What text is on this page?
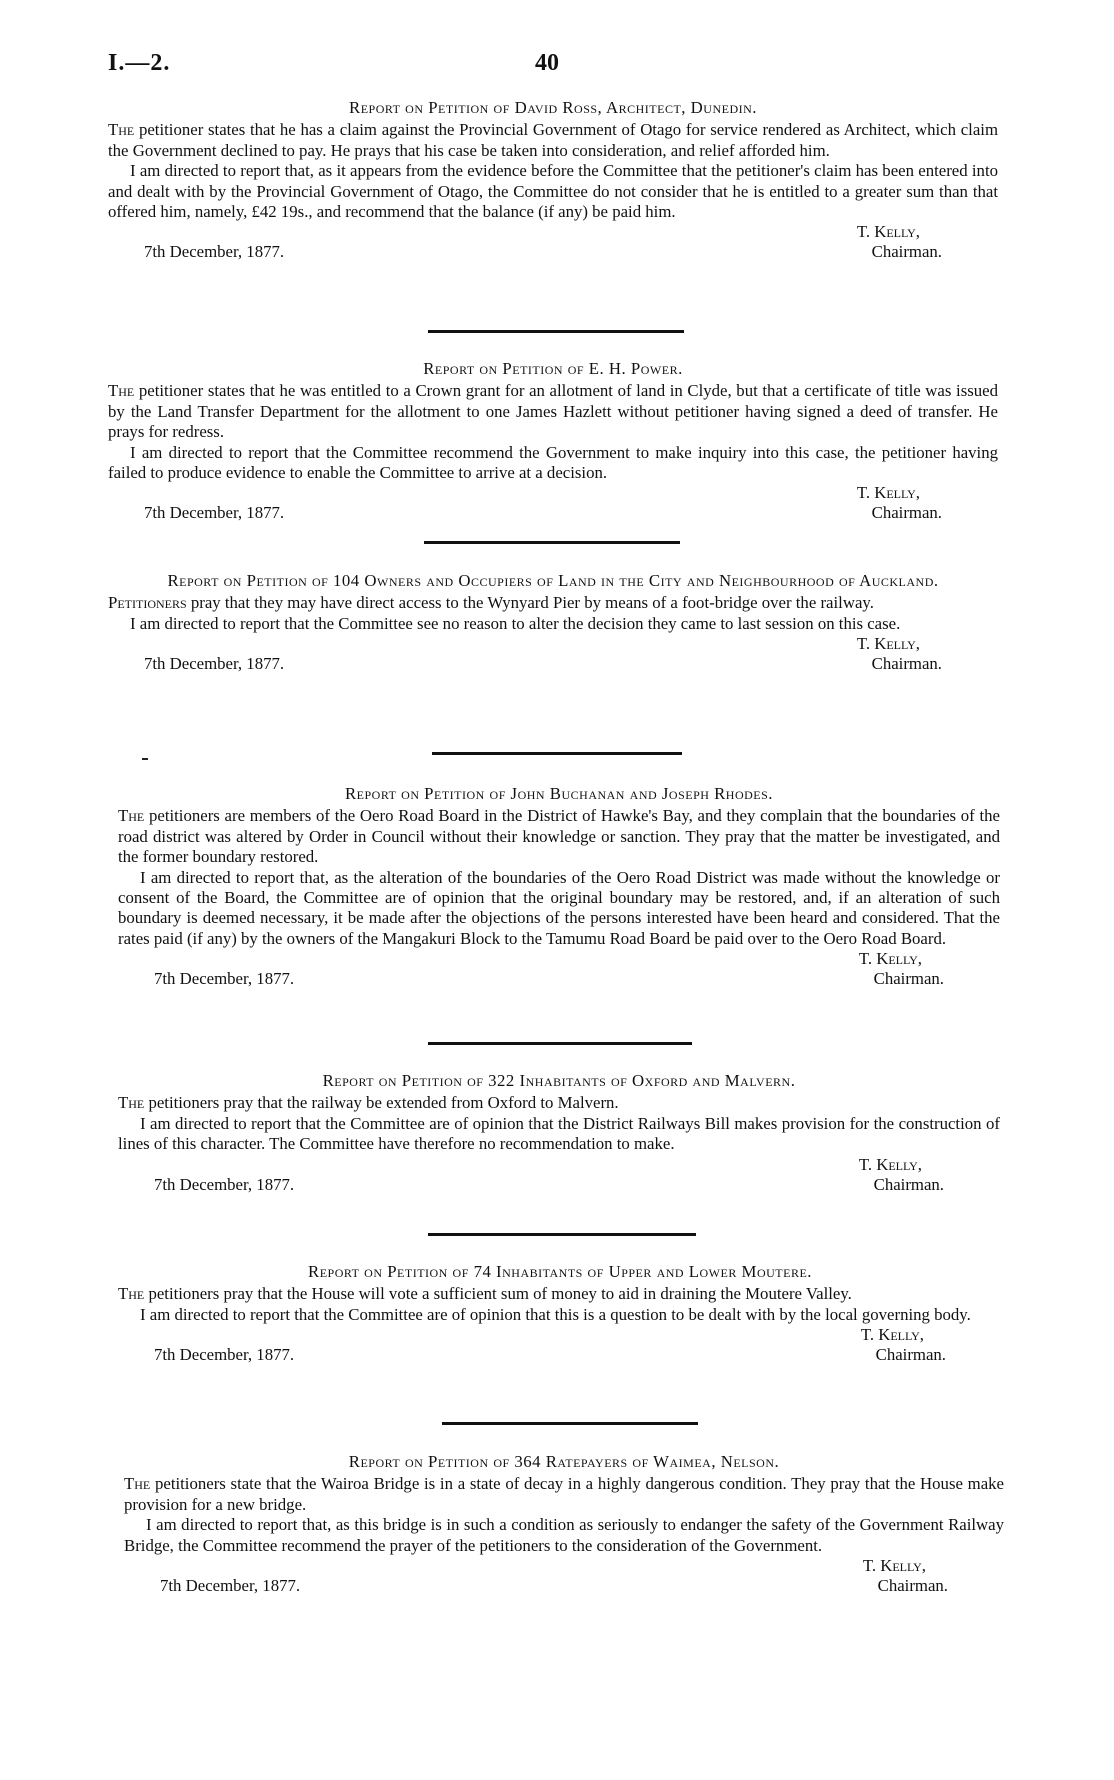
I.—2.	40
Report on Petition of David Ross, Architect, Dunedin.

The petitioner states that he has a claim against the Provincial Government of Otago for service rendered as Architect, which claim the Government declined to pay. He prays that his case be taken into consideration, and relief afforded him.

I am directed to report that, as it appears from the evidence before the Committee that the petitioner's claim has been entered into and dealt with by the Provincial Government of Otago, the Committee do not consider that he is entitled to a greater sum than that offered him, namely, £42 19s., and recommend that the balance (if any) be paid him.

T. Kelly,
Chairman.
7th December, 1877.
Report on Petition of E. H. Power.

The petitioner states that he was entitled to a Crown grant for an allotment of land in Clyde, but that a certificate of title was issued by the Land Transfer Department for the allotment to one James Hazlett without petitioner having signed a deed of transfer. He prays for redress.

I am directed to report that the Committee recommend the Government to make inquiry into this case, the petitioner having failed to produce evidence to enable the Committee to arrive at a decision.

T. Kelly,
Chairman.
7th December, 1877.
Report on Petition of 104 Owners and Occupiers of Land in the City and Neighbourhood of Auckland.

Petitioners pray that they may have direct access to the Wynyard Pier by means of a foot-bridge over the railway.

I am directed to report that the Committee see no reason to alter the decision they came to last session on this case.

T. Kelly,
Chairman.
7th December, 1877.
Report on Petition of John Buchanan and Joseph Rhodes.

The petitioners are members of the Oero Road Board in the District of Hawke's Bay, and they complain that the boundaries of the road district was altered by Order in Council without their knowledge or sanction. They pray that the matter be investigated, and the former boundary restored.

I am directed to report that, as the alteration of the boundaries of the Oero Road District was made without the knowledge or consent of the Board, the Committee are of opinion that the original boundary may be restored, and, if an alteration of such boundary is deemed necessary, it be made after the objections of the persons interested have been heard and considered. That the rates paid (if any) by the owners of the Mangakuri Block to the Tamumu Road Board be paid over to the Oero Road Board.

T. Kelly,
Chairman.
7th December, 1877.
Report on Petition of 322 Inhabitants of Oxford and Malvern.

The petitioners pray that the railway be extended from Oxford to Malvern.

I am directed to report that the Committee are of opinion that the District Railways Bill makes provision for the construction of lines of this character. The Committee have therefore no recommendation to make.

T. Kelly,
Chairman.
7th December, 1877.
Report on Petition of 74 Inhabitants of Upper and Lower Moutere.

The petitioners pray that the House will vote a sufficient sum of money to aid in draining the Moutere Valley.

I am directed to report that the Committee are of opinion that this is a question to be dealt with by the local governing body.

T. Kelly,
Chairman.
7th December, 1877.
Report on Petition of 364 Ratepayers of Waimea, Nelson.

The petitioners state that the Wairoa Bridge is in a state of decay in a highly dangerous condition. They pray that the House make provision for a new bridge.

I am directed to report that, as this bridge is in such a condition as seriously to endanger the safety of the Government Railway Bridge, the Committee recommend the prayer of the petitioners to the consideration of the Government.

T. Kelly,
Chairman.
7th December, 1877.
